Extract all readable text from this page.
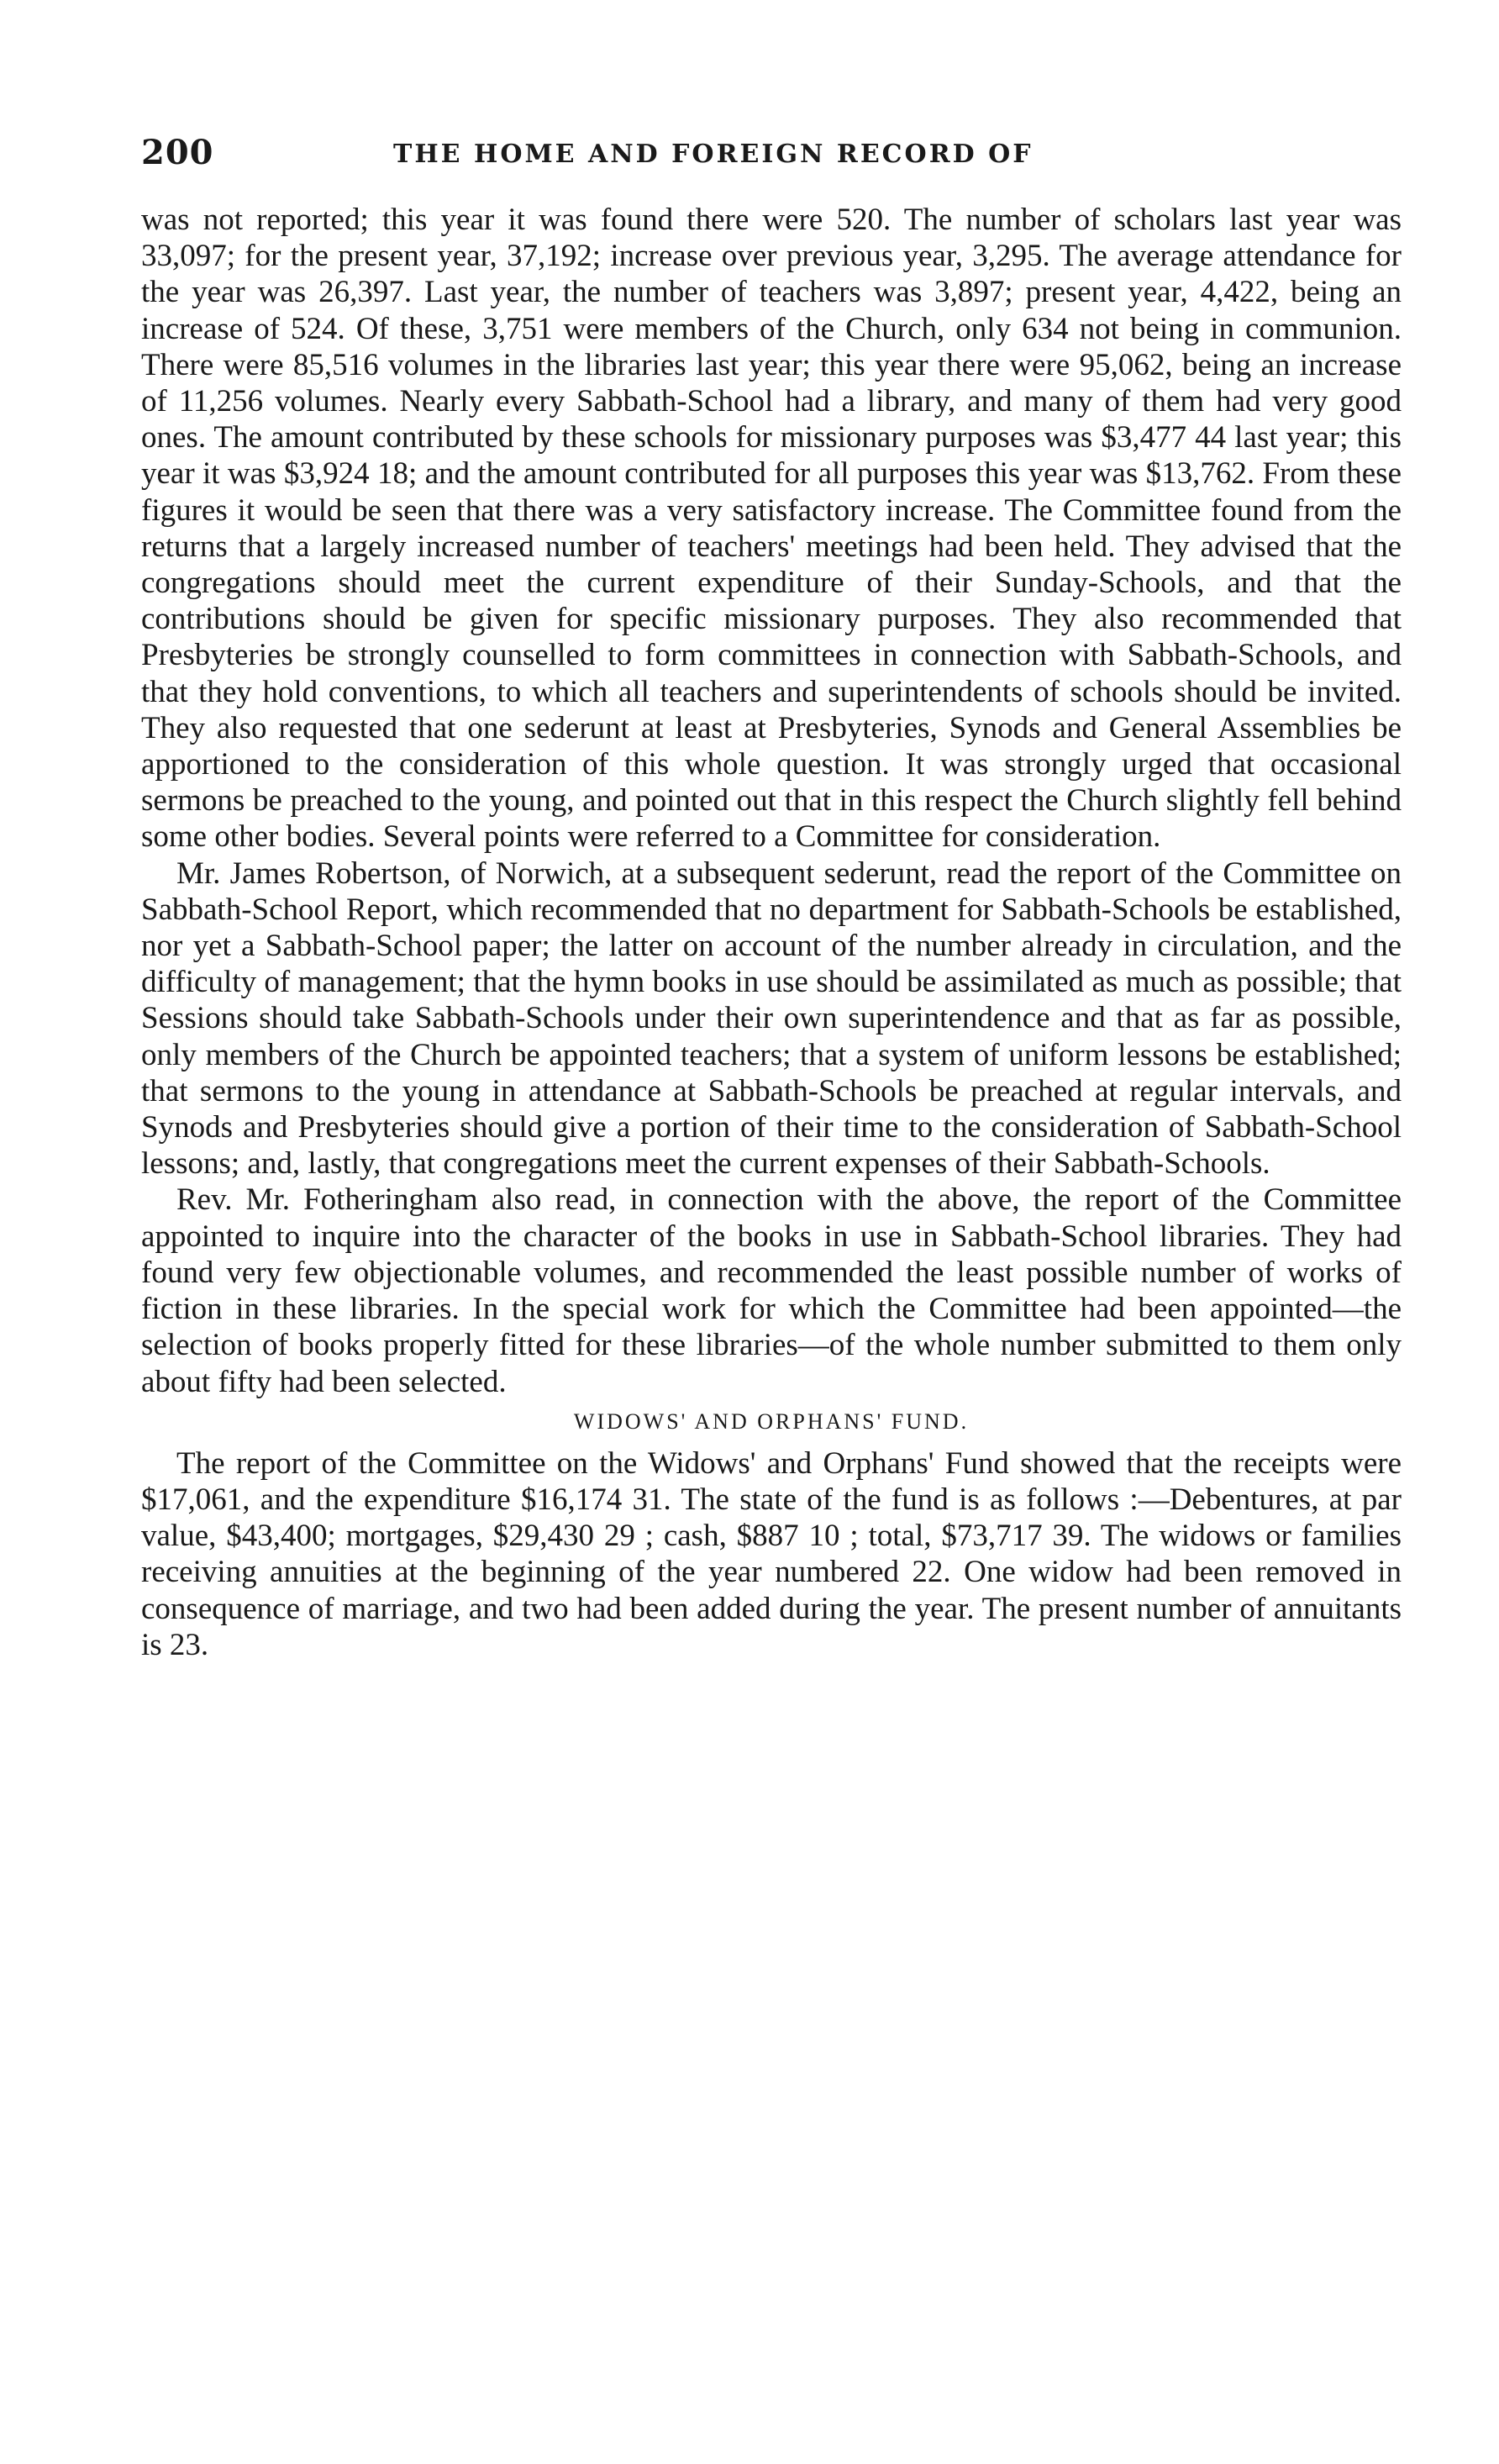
200	THE HOME AND FOREIGN RECORD OF

was not reported; this year it was found there were 520. The number of scholars last year was 33,097; for the present year, 37,192; increase over previous year, 3,295. The average attendance for the year was 26,397. Last year, the number of teachers was 3,897; present year, 4,422, being an increase of 524. Of these, 3,751 were members of the Church, only 634 not being in communion. There were 85,516 volumes in the libraries last year; this year there were 95,062, being an increase of 11,256 volumes. Nearly every Sabbath-School had a library, and many of them had very good ones. The amount contributed by these schools for missionary purposes was $3,477 44 last year; this year it was $3,924 18; and the amount contributed for all purposes this year was $13,762. From these figures it would be seen that there was a very satisfactory increase. The Committee found from the returns that a largely increased number of teachers' meetings had been held. They advised that the congregations should meet the current expenditure of their Sunday-Schools, and that the contributions should be given for specific missionary purposes. They also recommended that Presbyteries be strongly counselled to form committees in connection with Sabbath-Schools, and that they hold conventions, to which all teachers and superintendents of schools should be invited. They also requested that one sederunt at least at Presbyteries, Synods and General Assemblies be apportioned to the consideration of this whole question. It was strongly urged that occasional sermons be preached to the young, and pointed out that in this respect the Church slightly fell behind some other bodies. Several points were referred to a Committee for consideration.

Mr. James Robertson, of Norwich, at a subsequent sederunt, read the report of the Committee on Sabbath-School Report, which recommended that no department for Sabbath-Schools be established, nor yet a Sabbath-School paper; the latter on account of the number already in circulation, and the difficulty of management; that the hymn books in use should be assimilated as much as possible; that Sessions should take Sabbath-Schools under their own superintendence and that as far as possible, only members of the Church be appointed teachers; that a system of uniform lessons be established; that sermons to the young in attendance at Sabbath-Schools be preached at regular intervals, and Synods and Presbyteries should give a portion of their time to the consideration of Sabbath-School lessons; and, lastly, that congregations meet the current expenses of their Sabbath-Schools.

Rev. Mr. Fotheringham also read, in connection with the above, the report of the Committee appointed to inquire into the character of the books in use in Sabbath-School libraries. They had found very few objectionable volumes, and recommended the least possible number of works of fiction in these libraries. In the special work for which the Committee had been appointed—the selection of books properly fitted for these libraries—of the whole number submitted to them only about fifty had been selected.

WIDOWS' AND ORPHANS' FUND.

The report of the Committee on the Widows' and Orphans' Fund showed that the receipts were $17,061, and the expenditure $16,174 31. The state of the fund is as follows :—Debentures, at par value, $43,400; mortgages, $29,430 29 ; cash, $887 10 ; total, $73,717 39. The widows or families receiving annuities at the beginning of the year numbered 22. One widow had been removed in consequence of marriage, and two had been added during the year. The present number of annuitants is 23.
